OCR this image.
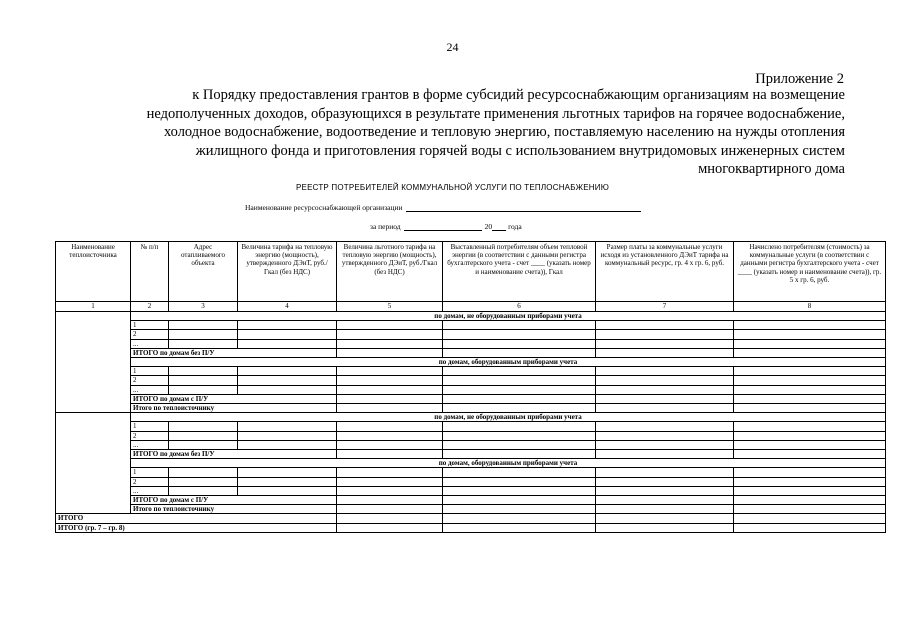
24
Приложение 2
к Порядку предоставления грантов в форме субсидий ресурсоснабжающим организациям на возмещение недополученных доходов, образующихся в результате применения льготных тарифов на горячее водоснабжение, холодное водоснабжение, водоотведение и тепловую энергию, поставляемую населению на нужды отопления жилищного фонда и приготовления горячей воды с использованием внутридомовых инженерных систем многоквартирного дома
РЕЕСТР ПОТРЕБИТЕЛЕЙ КОММУНАЛЬНОЙ УСЛУГИ ПО ТЕПЛОСНАБЖЕНИЮ
Наименование ресурсоснабжающей организации
за период	20 года
Наименование теплоисточника	№ п/п	Адрес отапливаемого объекта	Величина тарифа на тепловую энергию (мощность), утвержденного ДЭиТ, руб./Гкал (без НДС)	Величина льготного тарифа на тепловую энергию (мощность), утвержденного ДЭиТ, руб./Гкал (без НДС)	Выставленный потребителям объем тепловой энергии (в соответствии с данными регистра бухгалтерского учета - счет ____ (указать номер и наименование счета)), Гкал	Размер платы за коммунальные услуги исходя из установленного ДЭиТ тарифа на коммунальный ресурс, гр. 4 х гр. 6, руб.	Начислено потребителям (стоимость) за коммунальные услуги (в соответствии с данными регистра бухгалтерского учета - счет ____ (указать номер и наименование счета)), гр. 5 х гр. 6, руб.
1	2	3	4	5	6	7	8
	по домам, не оборудованным приборами учета						
	1						
	2						
	...						
	ИТОГО по домам без П/У						
	по домам, оборудованным приборами учета						
	1						
	2						
	...						
	ИТОГО по домам с П/У						
	Итого по теплоисточнику						
	по домам, не оборудованным приборами учета						
	1						
	2						
	...						
	ИТОГО по домам без П/У						
	по домам, оборудованным приборами учета						
	1						
	2						
	...						
	ИТОГО по домам с П/У						
	Итого по теплоисточнику						
ИТОГО							
ИТОГО (гр. 7 – гр. 8)							
